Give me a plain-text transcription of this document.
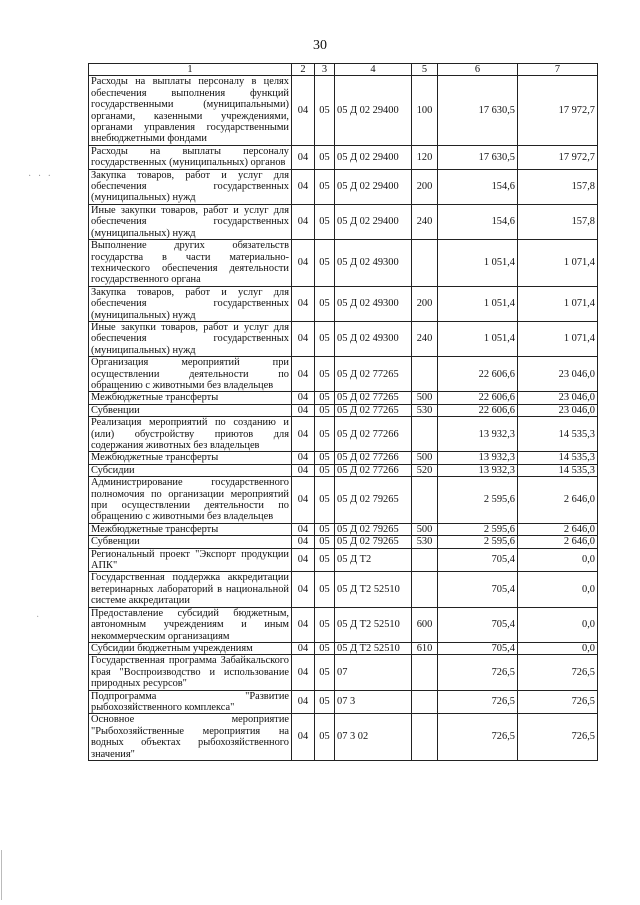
30
· · ·
·
1	2	3	4	5	6	7
Расходы на выплаты персоналу в целях обеспечения выполнения функций государственными (муниципальными) органами, казенными учреждениями, органами управления государственными внебюджетными фондами	04	05	05 Д 02 29400	100	17 630,5	17 972,7
Расходы на выплаты персоналу государственных (муниципальных) органов	04	05	05 Д 02 29400	120	17 630,5	17 972,7
Закупка товаров, работ и услуг для обеспечения государственных (муниципальных) нужд	04	05	05 Д 02 29400	200	154,6	157,8
Иные закупки товаров, работ и услуг для обеспечения государственных (муниципальных) нужд	04	05	05 Д 02 29400	240	154,6	157,8
Выполнение других обязательств государства в части материально-технического обеспечения деятельности государственного органа	04	05	05 Д 02 49300		1 051,4	1 071,4
Закупка товаров, работ и услуг для обеспечения государственных (муниципальных) нужд	04	05	05 Д 02 49300	200	1 051,4	1 071,4
Иные закупки товаров, работ и услуг для обеспечения государственных (муниципальных) нужд	04	05	05 Д 02 49300	240	1 051,4	1 071,4
Организация мероприятий при осуществлении деятельности по обращению с животными без владельцев	04	05	05 Д 02 77265		22 606,6	23 046,0
Межбюджетные трансферты	04	05	05 Д 02 77265	500	22 606,6	23 046,0
Субвенции	04	05	05 Д 02 77265	530	22 606,6	23 046,0
Реализация мероприятий по созданию и (или) обустройству приютов для содержания животных без владельцев	04	05	05 Д 02 77266		13 932,3	14 535,3
Межбюджетные трансферты	04	05	05 Д 02 77266	500	13 932,3	14 535,3
Субсидии	04	05	05 Д 02 77266	520	13 932,3	14 535,3
Администрирование государственного полномочия по организации мероприятий при осуществлении деятельности по обращению с животными без владельцев	04	05	05 Д 02 79265		2 595,6	2 646,0
Межбюджетные трансферты	04	05	05 Д 02 79265	500	2 595,6	2 646,0
Субвенции	04	05	05 Д 02 79265	530	2 595,6	2 646,0
Региональный проект "Экспорт продукции АПК"	04	05	05 Д Т2		705,4	0,0
Государственная поддержка аккредитации ветеринарных лабораторий в национальной системе аккредитации	04	05	05 Д Т2 52510		705,4	0,0
Предоставление субсидий бюджетным, автономным учреждениям и иным некоммерческим организациям	04	05	05 Д Т2 52510	600	705,4	0,0
Субсидии бюджетным учреждениям	04	05	05 Д Т2 52510	610	705,4	0,0
Государственная программа Забайкальского края "Воспроизводство и использование природных ресурсов"	04	05	07		726,5	726,5
Подпрограмма "Развитие рыбохозяйственного комплекса"	04	05	07 3		726,5	726,5
Основное мероприятие "Рыбохозяйственные мероприятия на водных объектах рыбохозяйственного значения"	04	05	07 3 02		726,5	726,5
